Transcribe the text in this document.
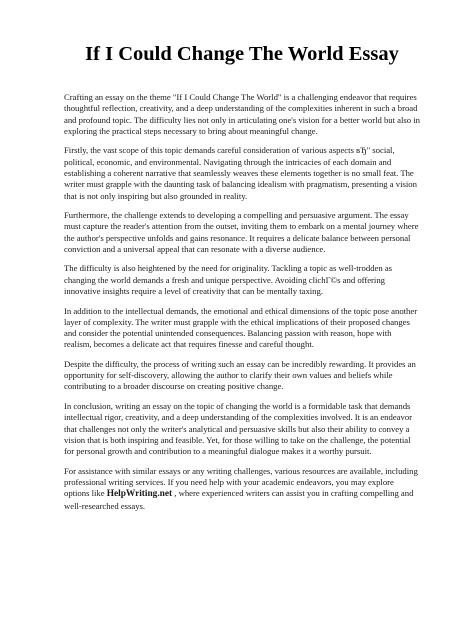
If I Could Change The World Essay

Crafting an essay on the theme "If I Could Change The World" is a challenging endeavor that requires thoughtful reflection, creativity, and a deep understanding of the complexities inherent in such a broad and profound topic. The difficulty lies not only in articulating one's vision for a better world but also in exploring the practical steps necessary to bring about meaningful change.

Firstly, the vast scope of this topic demands careful consideration of various aspects вЂ" social, political, economic, and environmental. Navigating through the intricacies of each domain and establishing a coherent narrative that seamlessly weaves these elements together is no small feat. The writer must grapple with the daunting task of balancing idealism with pragmatism, presenting a vision that is not only inspiring but also grounded in reality.

Furthermore, the challenge extends to developing a compelling and persuasive argument. The essay must capture the reader's attention from the outset, inviting them to embark on a mental journey where the author's perspective unfolds and gains resonance. It requires a delicate balance between personal conviction and a universal appeal that can resonate with a diverse audience.

The difficulty is also heightened by the need for originality. Tackling a topic as well-trodden as changing the world demands a fresh and unique perspective. Avoiding clichГ©s and offering innovative insights require a level of creativity that can be mentally taxing.

In addition to the intellectual demands, the emotional and ethical dimensions of the topic pose another layer of complexity. The writer must grapple with the ethical implications of their proposed changes and consider the potential unintended consequences. Balancing passion with reason, hope with realism, becomes a delicate act that requires finesse and careful thought.

Despite the difficulty, the process of writing such an essay can be incredibly rewarding. It provides an opportunity for self-discovery, allowing the author to clarify their own values and beliefs while contributing to a broader discourse on creating positive change.

In conclusion, writing an essay on the topic of changing the world is a formidable task that demands intellectual rigor, creativity, and a deep understanding of the complexities involved. It is an endeavor that challenges not only the writer's analytical and persuasive skills but also their ability to convey a vision that is both inspiring and feasible. Yet, for those willing to take on the challenge, the potential for personal growth and contribution to a meaningful dialogue makes it a worthy pursuit.

For assistance with similar essays or any writing challenges, various resources are available, including professional writing services. If you need help with your academic endeavors, you may explore options like HelpWriting.net , where experienced writers can assist you in crafting compelling and well-researched essays.
